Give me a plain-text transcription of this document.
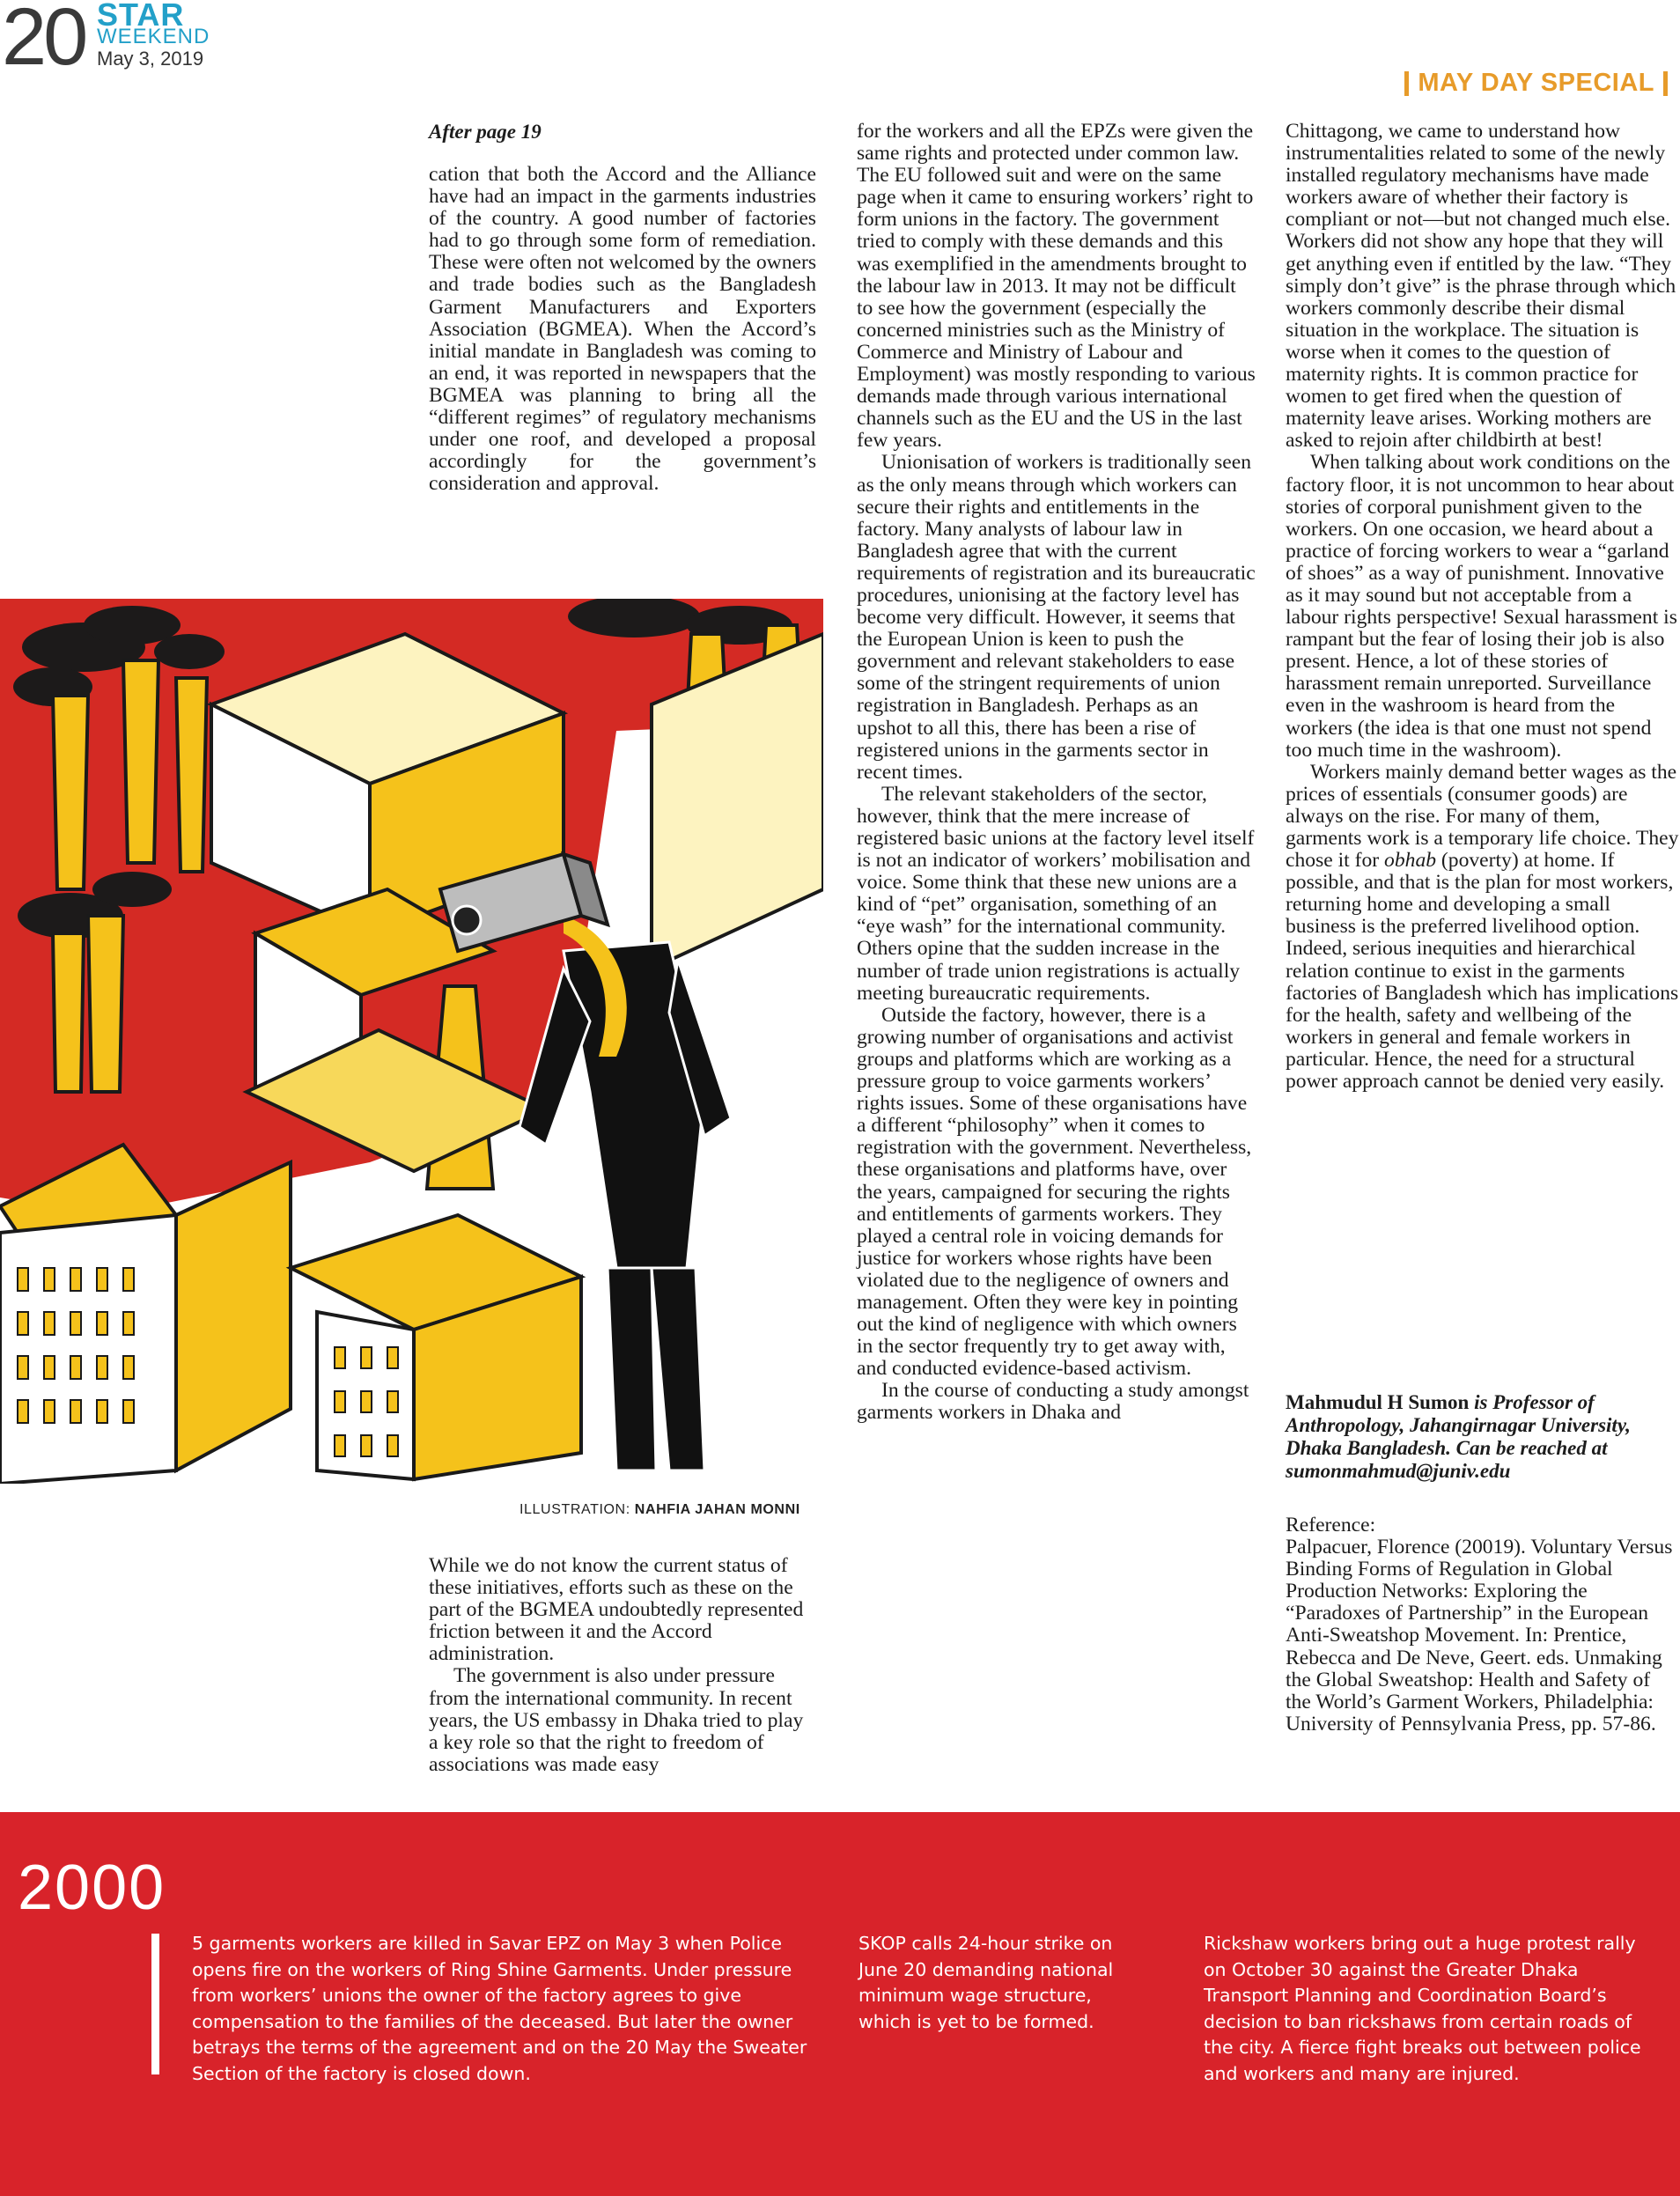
20 STAR
WEEKEND
May 3, 2019
MAY DAY SPECIAL
After page 19

cation that both the Accord and the Alliance have had an impact in the garments industries of the country. A good number of factories had to go through some form of remediation. These were often not welcomed by the owners and trade bodies such as the Bangladesh Garment Manufacturers and Exporters Association (BGMEA). When the Accord’s initial mandate in Bangladesh was coming to an end, it was reported in newspapers that the BGMEA was planning to bring all the “different regimes” of regulatory mechanisms under one roof, and developed a proposal accordingly for the government’s consideration and approval.

ILLUSTRATION: NAHFIA JAHAN MONNI

While we do not know the current status of these initiatives, efforts such as these on the part of the BGMEA undoubtedly represented friction between it and the Accord administration.

The government is also under pressure from the international community. In recent years, the US embassy in Dhaka tried to play a key role so that the right to freedom of associations was made easy

for the workers and all the EPZs were given the same rights and protected under common law. The EU followed suit and were on the same page when it came to ensuring workers’ right to form unions in the factory. The government tried to comply with these demands and this was exemplified in the amendments brought to the labour law in 2013. It may not be difficult to see how the government (especially the concerned ministries such as the Ministry of Commerce and Ministry of Labour and Employment) was mostly responding to various demands made through various international channels such as the EU and the US in the last few years.

Unionisation of workers is traditionally seen as the only means through which workers can secure their rights and entitlements in the factory. Many analysts of labour law in Bangladesh agree that with the current requirements of registration and its bureaucratic procedures, unionising at the factory level has become very difficult. However, it seems that the European Union is keen to push the government and relevant stakeholders to ease some of the stringent requirements of union registration in Bangladesh. Perhaps as an upshot to all this, there has been a rise of registered unions in the garments sector in recent times.

The relevant stakeholders of the sector, however, think that the mere increase of registered basic unions at the factory level itself is not an indicator of workers’ mobilisation and voice. Some think that these new unions are a kind of “pet” organisation, something of an “eye wash” for the international community. Others opine that the sudden increase in the number of trade union registrations is actually meeting bureaucratic requirements.

Outside the factory, however, there is a growing number of organisations and activist groups and platforms which are working as a pressure group to voice garments workers’ rights issues. Some of these organisations have a different “philosophy” when it comes to registration with the government. Nevertheless, these organisations and platforms have, over the years, campaigned for securing the rights and entitlements of garments workers. They played a central role in voicing demands for justice for workers whose rights have been violated due to the negligence of owners and management. Often they were key in pointing out the kind of negligence with which owners in the sector frequently try to get away with, and conducted evidence-based activism.

In the course of conducting a study amongst garments workers in Dhaka and

Chittagong, we came to understand how instrumentalities related to some of the newly installed regulatory mechanisms have made workers aware of whether their factory is compliant or not—but not changed much else. Workers did not show any hope that they will get anything even if entitled by the law. “They simply don’t give” is the phrase through which workers commonly describe their dismal situation in the workplace. The situation is worse when it comes to the question of maternity rights. It is common practice for women to get fired when the question of maternity leave arises. Working mothers are asked to rejoin after childbirth at best!

When talking about work conditions on the factory floor, it is not uncommon to hear about stories of corporal punishment given to the workers. On one occasion, we heard about a practice of forcing workers to wear a “garland of shoes” as a way of punishment. Innovative as it may sound but not acceptable from a labour rights perspective! Sexual harassment is rampant but the fear of losing their job is also present. Hence, a lot of these stories of harassment remain unreported. Surveillance even in the washroom is heard from the workers (the idea is that one must not spend too much time in the washroom).

Workers mainly demand better wages as the prices of essentials (consumer goods) are always on the rise. For many of them, garments work is a temporary life choice. They chose it for obhab (poverty) at home. If possible, and that is the plan for most workers, returning home and developing a small business is the preferred livelihood option. Indeed, serious inequities and hierarchical relation continue to exist in the garments factories of Bangladesh which has implications for the health, safety and wellbeing of the workers in general and female workers in particular. Hence, the need for a structural power approach cannot be denied very easily.

Mahmudul H Sumon is Professor of Anthropology, Jahangirnagar University, Dhaka Bangladesh. Can be reached at sumonmahmud@juniv.edu

Reference:

Palpacuer, Florence (20019). Voluntary Versus Binding Forms of Regulation in Global Production Networks: Exploring the “Paradoxes of Partnership” in the European Anti-Sweatshop Movement. In: Prentice, Rebecca and De Neve, Geert. eds. Unmaking the Global Sweatshop: Health and Safety of the World’s Garment Workers, Philadelphia: University of Pennsylvania Press, pp. 57-86.

2000
5 garments workers are killed in Savar EPZ on May 3 when Police opens fire on the workers of Ring Shine Garments. Under pressure from workers’ unions the owner of the factory agrees to give compensation to the families of the deceased. But later the owner betrays the terms of the agreement and on the 20 May the Sweater Section of the factory is closed down.
SKOP calls 24-hour strike on June 20 demanding national minimum wage structure, which is yet to be formed.
Rickshaw workers bring out a huge protest rally on October 30 against the Greater Dhaka Transport Planning and Coordination Board’s decision to ban rickshaws from certain roads of the city. A fierce fight breaks out between police and workers and many are injured.
